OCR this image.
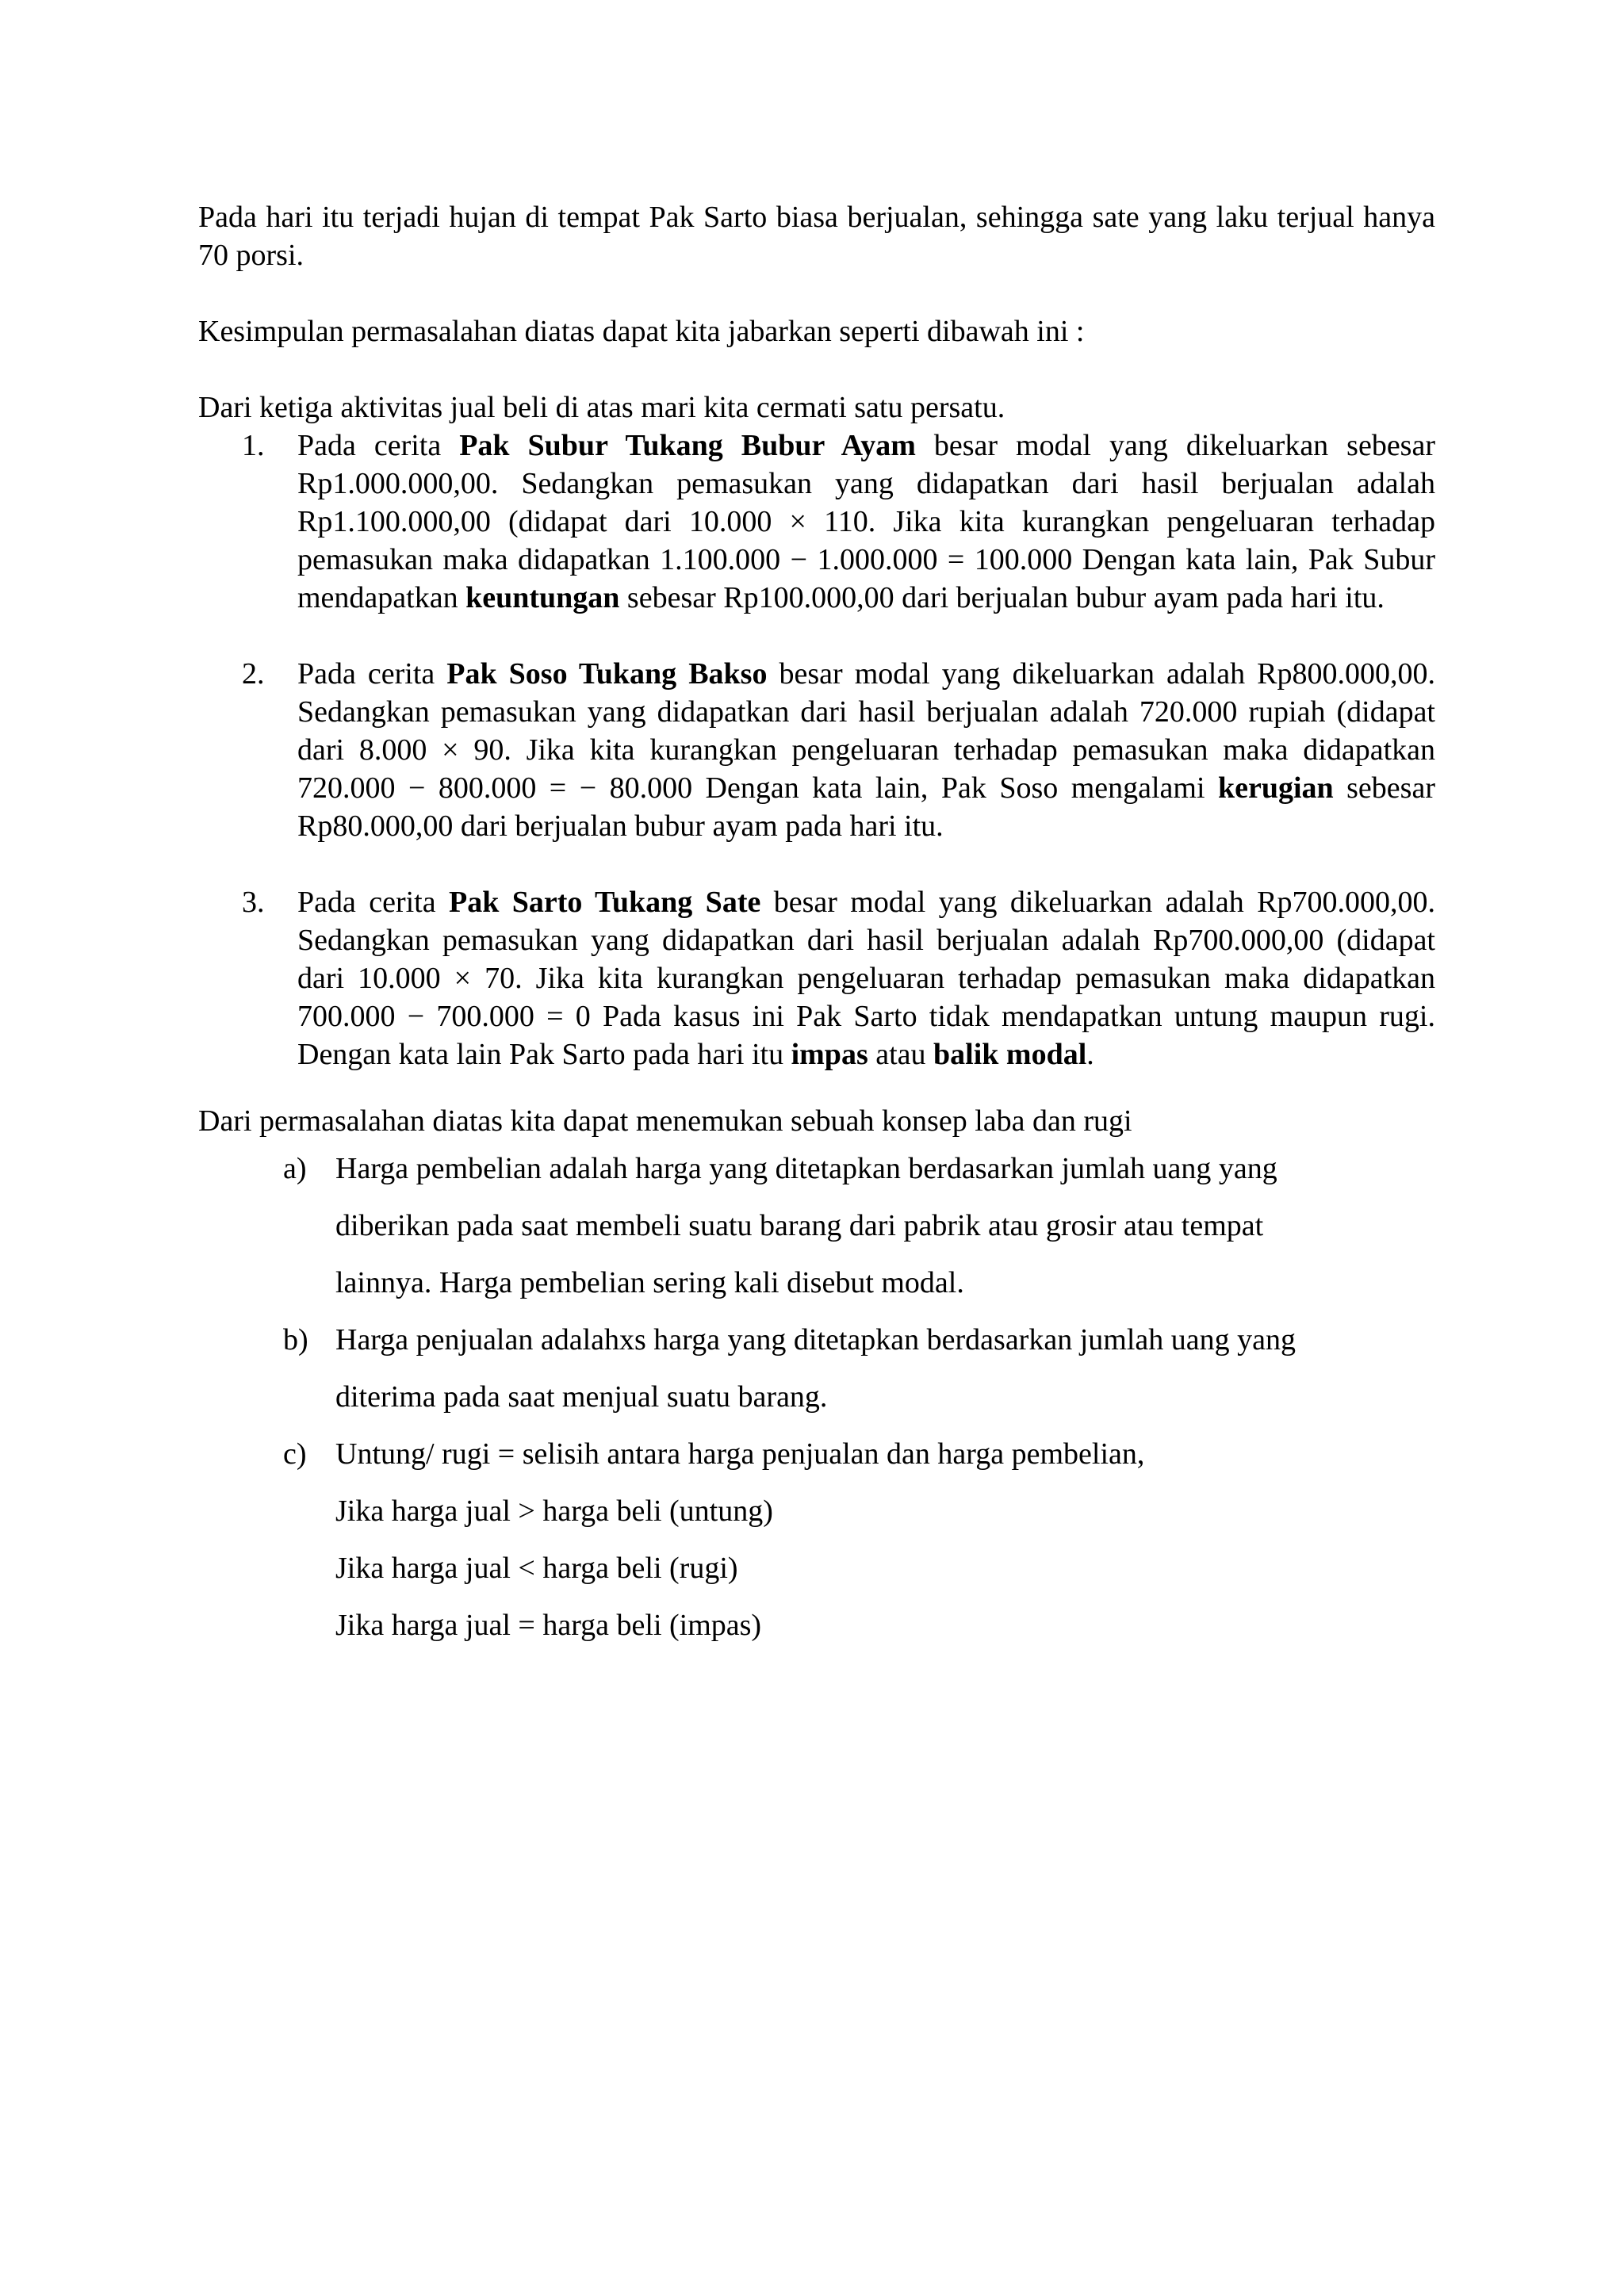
Pada hari itu terjadi hujan di tempat Pak Sarto biasa berjualan, sehingga sate yang laku terjual hanya 70 porsi.

Kesimpulan permasalahan diatas dapat kita jabarkan seperti dibawah ini :

Dari ketiga aktivitas jual beli di atas mari kita cermati satu persatu.

1. Pada cerita Pak Subur Tukang Bubur Ayam besar modal yang dikeluarkan sebesar Rp1.000.000,00. Sedangkan pemasukan yang didapatkan dari hasil berjualan adalah Rp1.100.000,00 (didapat dari 10.000 × 110. Jika kita kurangkan pengeluaran terhadap pemasukan maka didapatkan 1.100.000 − 1.000.000 = 100.000 Dengan kata lain, Pak Subur mendapatkan keuntungan sebesar Rp100.000,00 dari berjualan bubur ayam pada hari itu.
2. Pada cerita Pak Soso Tukang Bakso besar modal yang dikeluarkan adalah Rp800.000,00. Sedangkan pemasukan yang didapatkan dari hasil berjualan adalah 720.000 rupiah (didapat dari 8.000 × 90. Jika kita kurangkan pengeluaran terhadap pemasukan maka didapatkan 720.000 − 800.000 = − 80.000 Dengan kata lain, Pak Soso mengalami kerugian sebesar Rp80.000,00 dari berjualan bubur ayam pada hari itu.
3. Pada cerita Pak Sarto Tukang Sate besar modal yang dikeluarkan adalah Rp700.000,00. Sedangkan pemasukan yang didapatkan dari hasil berjualan adalah Rp700.000,00 (didapat dari 10.000 × 70. Jika kita kurangkan pengeluaran terhadap pemasukan maka didapatkan 700.000 − 700.000 = 0 Pada kasus ini Pak Sarto tidak mendapatkan untung maupun rugi. Dengan kata lain Pak Sarto pada hari itu impas atau balik modal.

Dari permasalahan diatas kita dapat menemukan sebuah konsep laba dan rugi

a) Harga pembelian adalah harga yang ditetapkan berdasarkan jumlah uang yang
diberikan pada saat membeli suatu barang dari pabrik atau grosir atau tempat
lainnya. Harga pembelian sering kali disebut modal.
b) Harga penjualan adalahxs harga yang ditetapkan berdasarkan jumlah uang yang
diterima pada saat menjual suatu barang.
c) Untung/ rugi = selisih antara harga penjualan dan harga pembelian,
Jika harga jual > harga beli (untung)
Jika harga jual < harga beli (rugi)
Jika harga jual = harga beli (impas)
